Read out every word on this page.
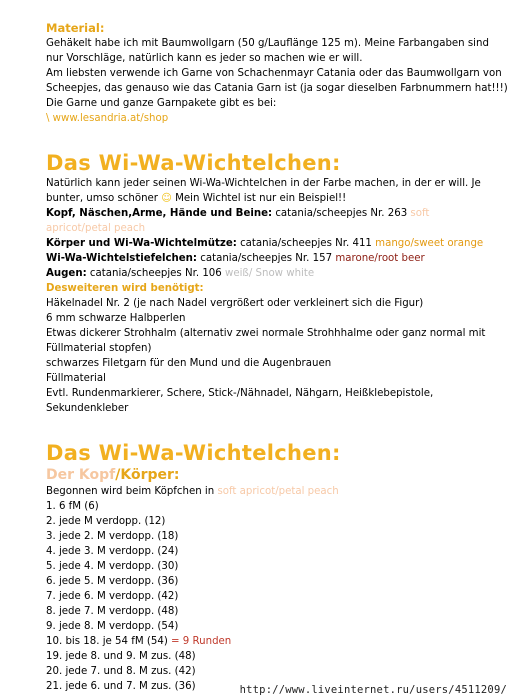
Material:
Gehäkelt habe ich mit Baumwollgarn (50 g/Lauflänge 125 m). Meine Farbangaben sind
nur Vorschläge, natürlich kann es jeder so machen wie er will.
Am liebsten verwende ich Garne von Schachenmayr Catania oder das Baumwollgarn von
Scheepjes, das genauso wie das Catania Garn ist (ja sogar dieselben Farbnummern hat!!!)
Die Garne und ganze Garnpakete gibt es bei:
\ www.lesandria.at/shop
Das Wi-Wa-Wichtelchen:
Natürlich kann jeder seinen Wi-Wa-Wichtelchen in der Farbe machen, in der er will. Je
bunter, umso schöner ☺ Mein Wichtel ist nur ein Beispiel!!
Kopf, Näschen,Arme, Hände und Beine: catania/scheepjes Nr. 263 soft apricot/petal peach
Körper und Wi-Wa-Wichtelmütze: catania/scheepjes Nr. 411 mango/sweet orange
Wi-Wa-Wichtelstiefelchen: catania/scheepjes Nr. 157 marone/root beer
Augen: catania/scheepjes Nr. 106 weiß/ Snow white
Desweiteren wird benötigt:
Häkelnadel Nr. 2 (je nach Nadel vergrößert oder verkleinert sich die Figur)
6 mm schwarze Halbperlen
Etwas dickerer Strohhalm (alternativ zwei normale Strohhhalme oder ganz normal mit
Füllmaterial stopfen)
schwarzes Filetgarn für den Mund und die Augenbrauen
Füllmaterial
Evtl. Rundenmarkierer, Schere, Stick-/Nähnadel, Nähgarn, Heißklebepistole,
Sekundenkleber
Das Wi-Wa-Wichtelchen:
Der Kopf/Körper:
Begonnen wird beim Köpfchen in soft apricot/petal peach
1. 6 fM (6)
2. jede M verdopp. (12)
3. jede 2. M verdopp. (18)
4. jede 3. M verdopp. (24)
5. jede 4. M verdopp. (30)
6. jede 5. M verdopp. (36)
7. jede 6. M verdopp. (42)
8. jede 7. M verdopp. (48)
9. jede 8. M verdopp. (54)
10. bis 18. je 54 fM (54) = 9 Runden
19. jede 8. und 9. M zus. (48)
20. jede 7. und 8. M zus. (42)
21. jede 6. und 7. M zus. (36)	http://www.liveinternet.ru/users/4511209/
